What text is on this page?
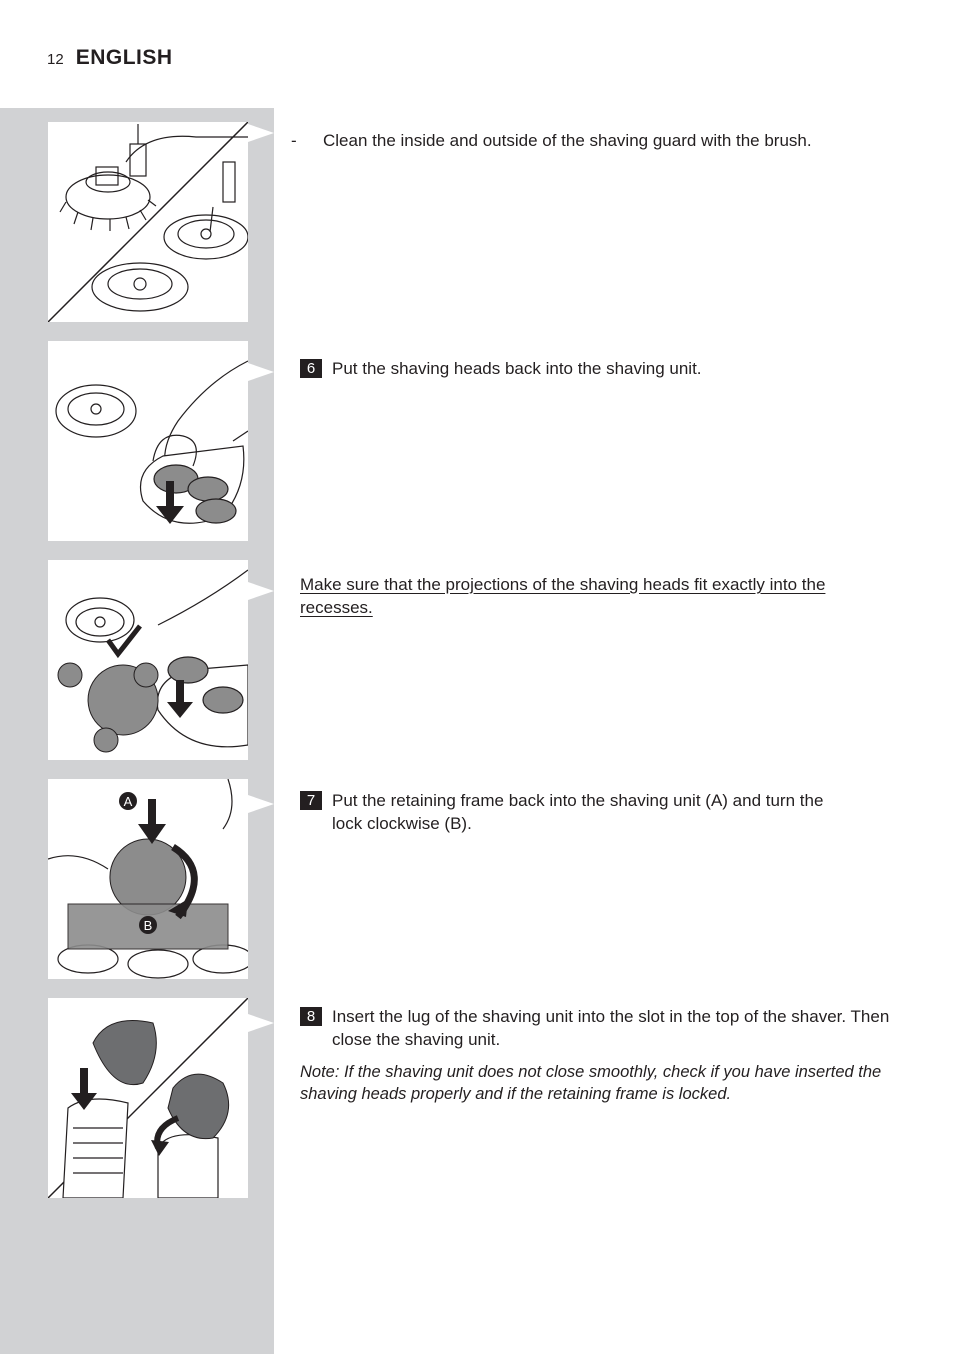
12 ENGLISH
A
B
-	Clean the inside and outside of the shaving guard with the brush.
6 Put the shaving heads back into the shaving unit.
Make sure that the projections of the shaving heads fit exactly into the recesses.
7 Put the retaining frame back into the shaving unit (A) and turn the lock clockwise (B).
8 Insert the lug of the shaving unit into the slot in the top of the shaver. Then close the shaving unit.
Note: If the shaving unit does not close smoothly, check if you have inserted the shaving heads properly and if the retaining frame is locked.
